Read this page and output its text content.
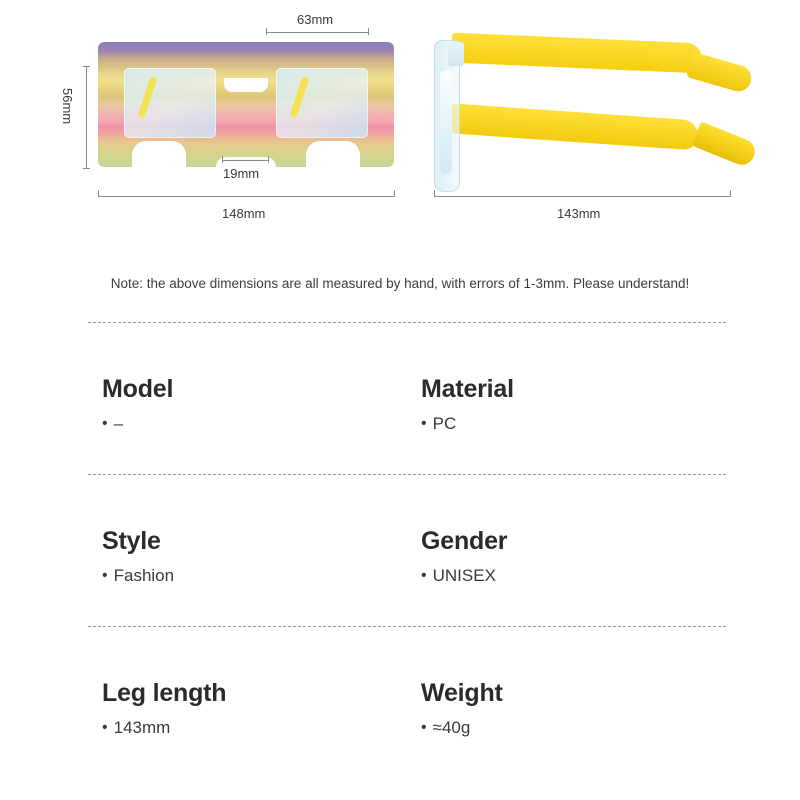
63mm
56mm
19mm
148mm	143mm
Note: the above dimensions are all measured by hand, with errors of 1-3mm. Please understand!
Model
• –
Material
• PC
Style
• Fashion
Gender
• UNISEX
Leg length
• 143mm
Weight
• ≈40g
